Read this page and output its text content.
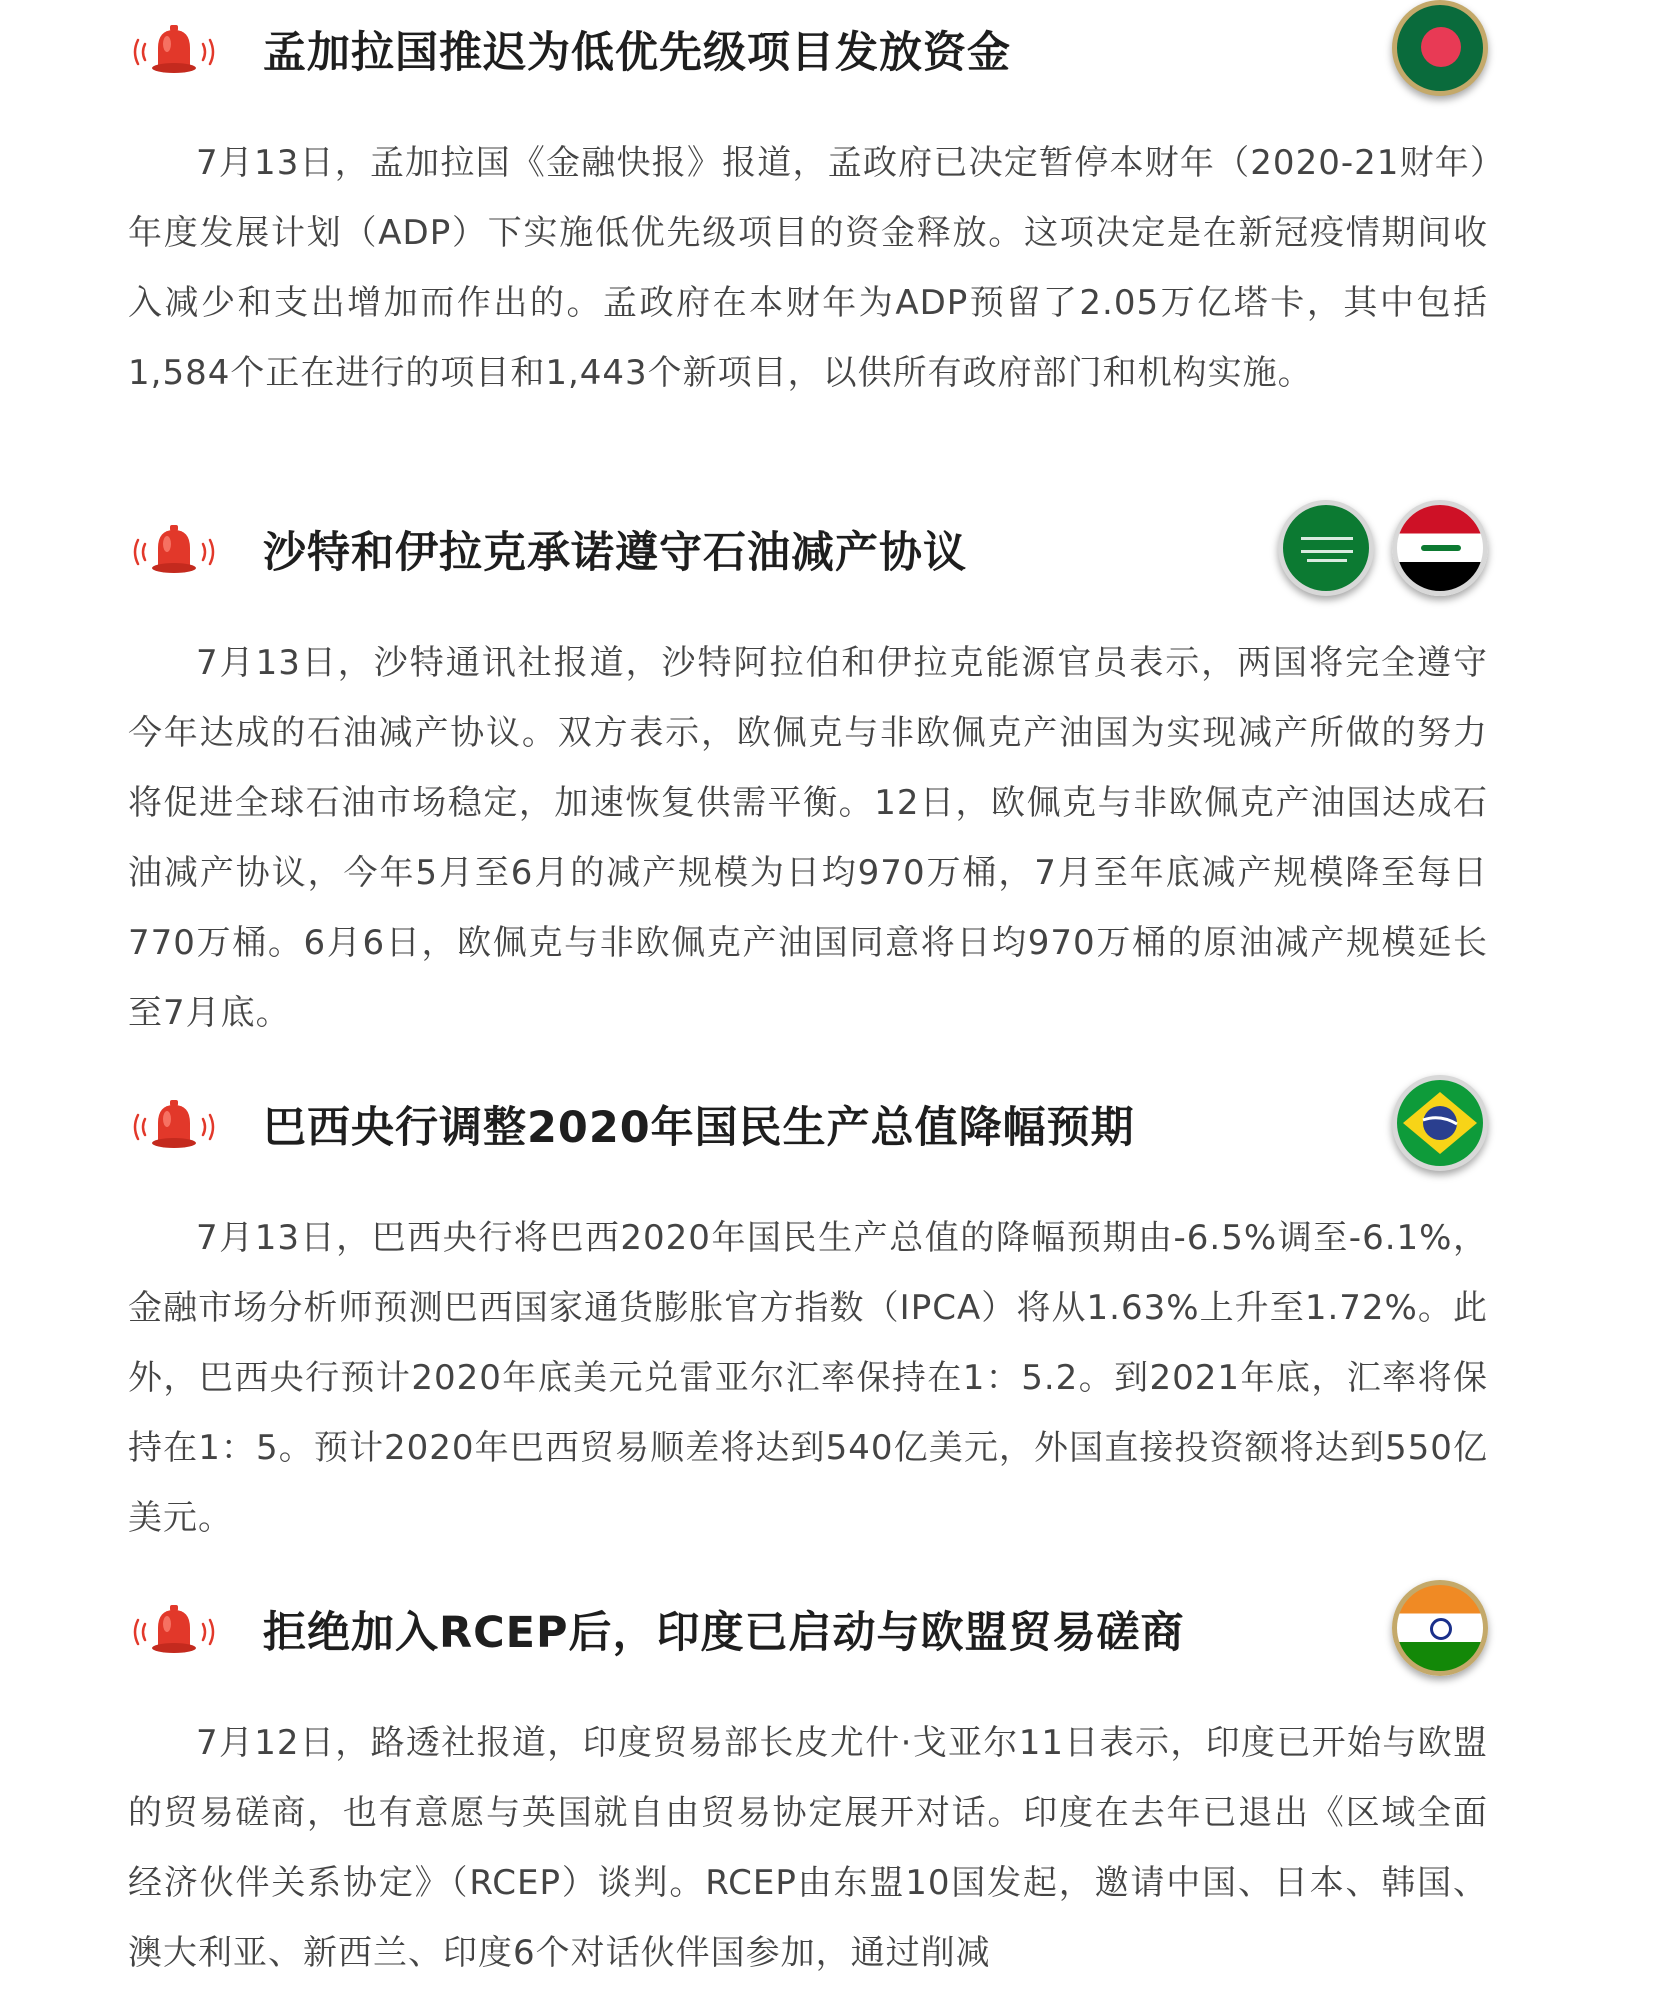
孟加拉国推迟为低优先级项目发放资金
7月13日，孟加拉国《金融快报》报道，孟政府已决定暂停本财年（2020-21财年）年度发展计划（ADP）下实施低优先级项目的资金释放。这项决定是在新冠疫情期间收入减少和支出增加而作出的。孟政府在本财年为ADP预留了2.05万亿塔卡，其中包括1,584个正在进行的项目和1,443个新项目，以供所有政府部门和机构实施。
沙特和伊拉克承诺遵守石油减产协议
7月13日，沙特通讯社报道，沙特阿拉伯和伊拉克能源官员表示，两国将完全遵守今年达成的石油减产协议。双方表示，欧佩克与非欧佩克产油国为实现减产所做的努力将促进全球石油市场稳定，加速恢复供需平衡。12日，欧佩克与非欧佩克产油国达成石油减产协议，今年5月至6月的减产规模为日均970万桶，7月至年底减产规模降至每日770万桶。6月6日，欧佩克与非欧佩克产油国同意将日均970万桶的原油减产规模延长至7月底。
巴西央行调整2020年国民生产总值降幅预期
7月13日，巴西央行将巴西2020年国民生产总值的降幅预期由-6.5%调至-6.1%，金融市场分析师预测巴西国家通货膨胀官方指数（IPCA）将从1.63%上升至1.72%。此外，巴西央行预计2020年底美元兑雷亚尔汇率保持在1：5.2。到2021年底，汇率将保持在1：5。预计2020年巴西贸易顺差将达到540亿美元，外国直接投资额将达到550亿美元。
拒绝加入RCEP后，印度已启动与欧盟贸易磋商
7月12日，路透社报道，印度贸易部长皮尤什·戈亚尔11日表示，印度已开始与欧盟的贸易磋商，也有意愿与英国就自由贸易协定展开对话。印度在去年已退出《区域全面经济伙伴关系协定》（RCEP）谈判。RCEP由东盟10国发起，邀请中国、日本、韩国、澳大利亚、新西兰、印度6个对话伙伴国参加，通过削减
